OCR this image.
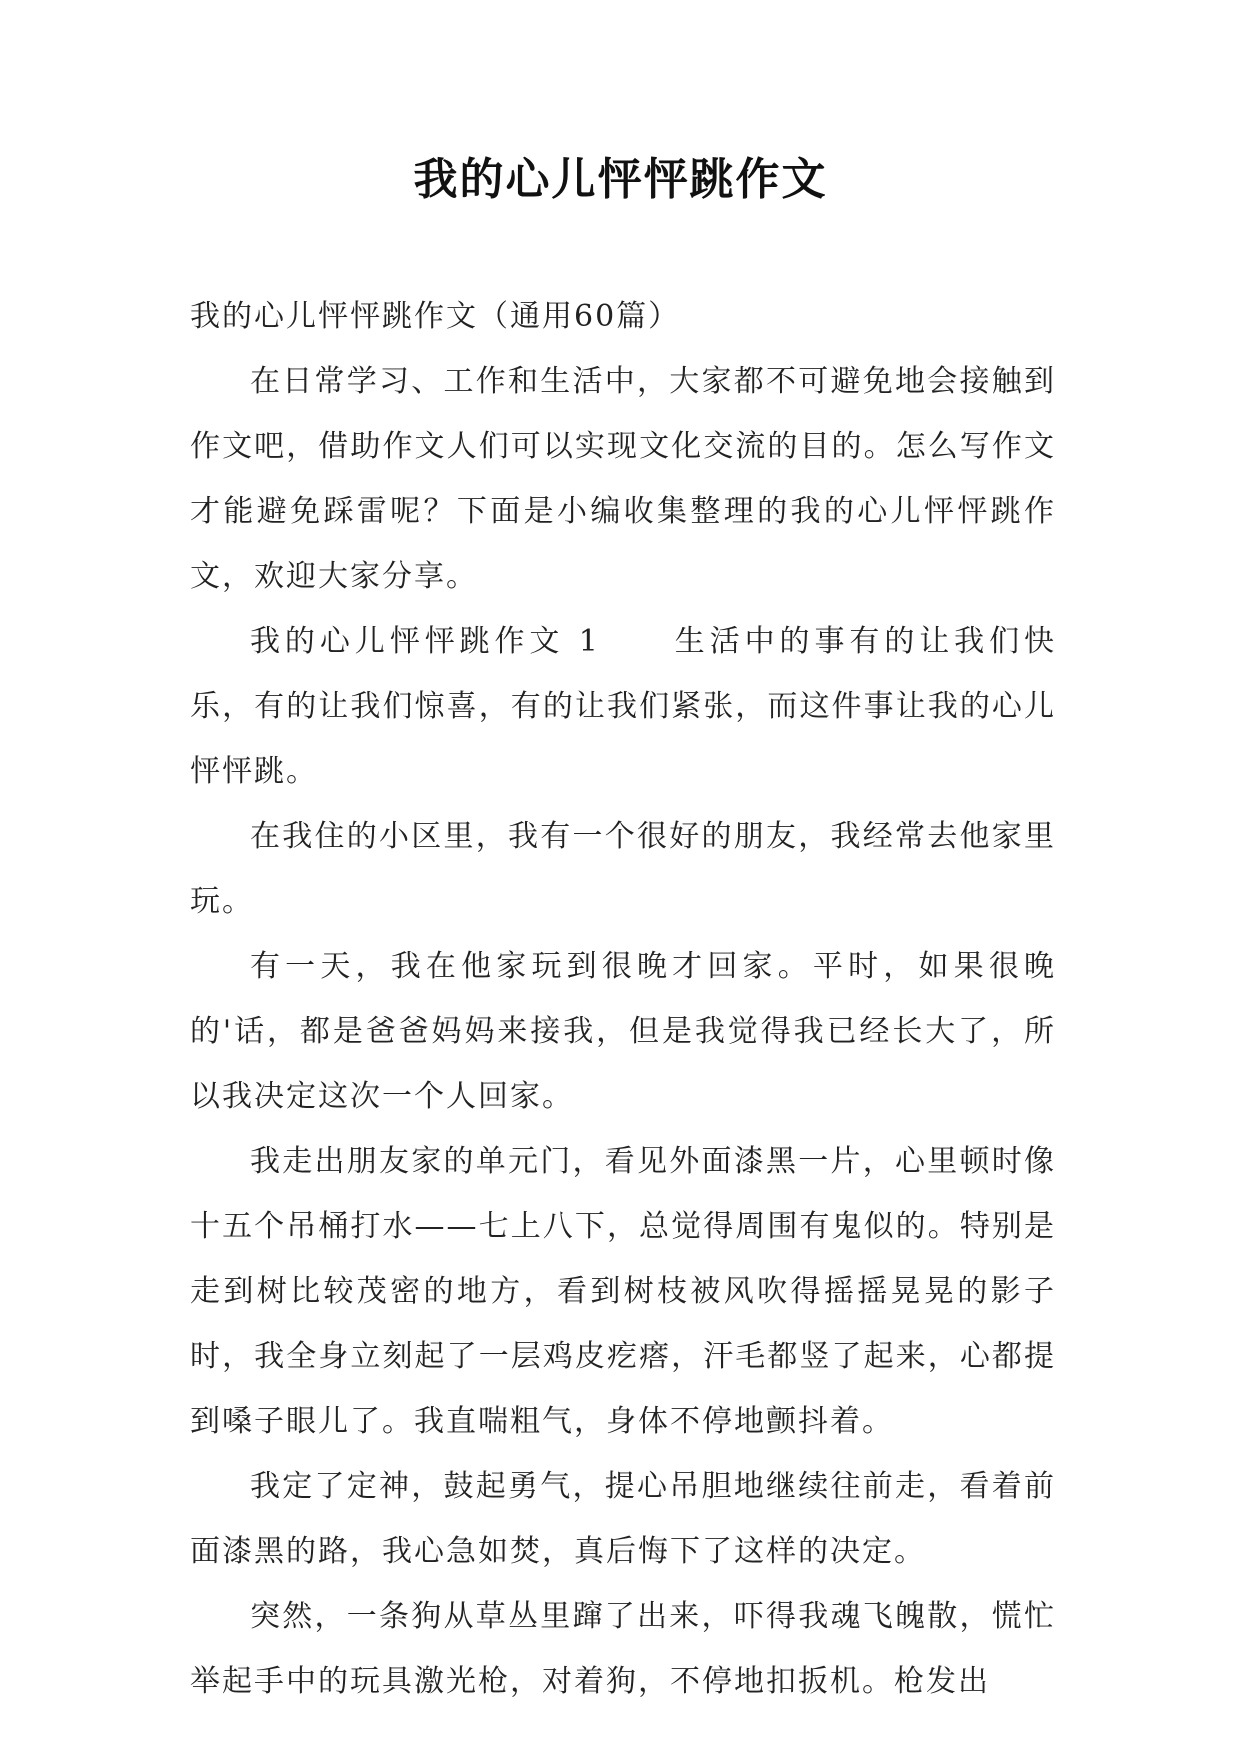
我的心儿怦怦跳作文

我的心儿怦怦跳作文（通用60篇）

在日常学习、工作和生活中，大家都不可避免地会接触到作文吧，借助作文人们可以实现文化交流的目的。怎么写作文才能避免踩雷呢？下面是小编收集整理的我的心儿怦怦跳作文，欢迎大家分享。

我的心儿怦怦跳作文 1 生活中的事有的让我们快乐，有的让我们惊喜，有的让我们紧张，而这件事让我的心儿怦怦跳。

在我住的小区里，我有一个很好的朋友，我经常去他家里玩。

有一天，我在他家玩到很晚才回家。平时，如果很晚的'话，都是爸爸妈妈来接我，但是我觉得我已经长大了，所以我决定这次一个人回家。

我走出朋友家的单元门，看见外面漆黑一片，心里顿时像十五个吊桶打水——七上八下，总觉得周围有鬼似的。特别是走到树比较茂密的地方，看到树枝被风吹得摇摇晃晃的影子时，我全身立刻起了一层鸡皮疙瘩，汗毛都竖了起来，心都提到嗓子眼儿了。我直喘粗气，身体不停地颤抖着。

我定了定神，鼓起勇气，提心吊胆地继续往前走，看着前面漆黑的路，我心急如焚，真后悔下了这样的决定。

突然，一条狗从草丛里蹿了出来，吓得我魂飞魄散，慌忙举起手中的玩具激光枪，对着狗，不停地扣扳机。枪发出
